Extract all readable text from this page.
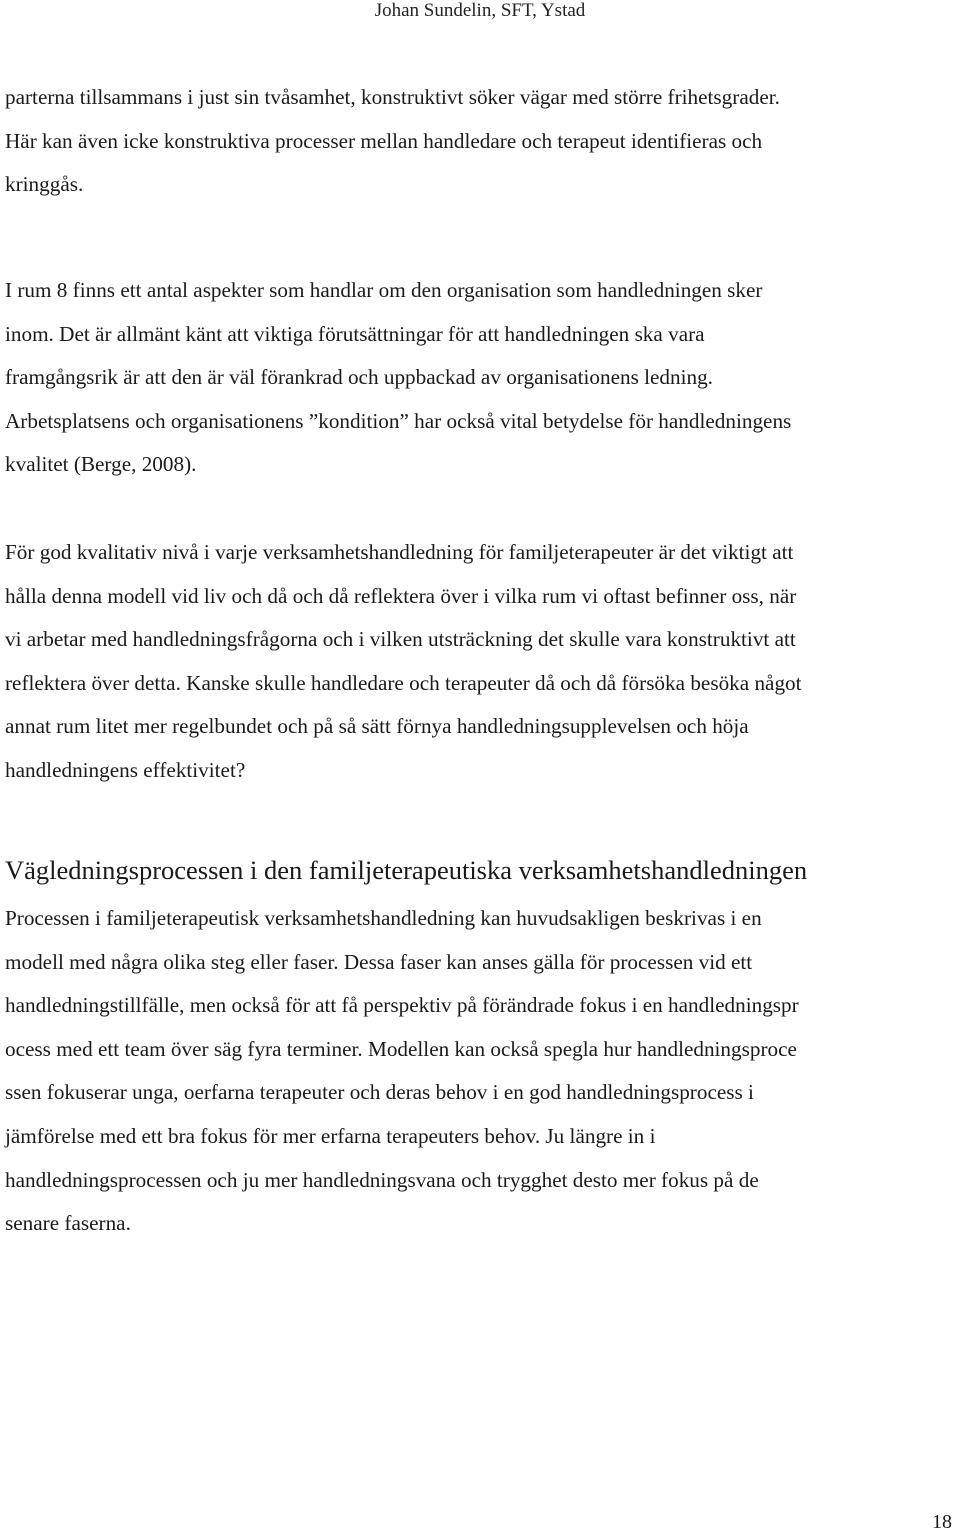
Johan Sundelin, SFT, Ystad
parterna tillsammans i just sin tvåsamhet, konstruktivt söker vägar med större frihetsgrader.
Här kan även icke konstruktiva processer mellan handledare och terapeut identifieras och
kringgås.
I rum 8 finns ett antal aspekter som handlar om den organisation som handledningen sker
inom. Det är allmänt känt att viktiga förutsättningar för att handledningen ska vara
framgångsrik är att den är väl förankrad och uppbackad av organisationens ledning.
Arbetsplatsens och organisationens ”kondition” har också vital betydelse för handledningens
kvalitet (Berge, 2008).
För god kvalitativ nivå i varje verksamhetshandledning för familjeterapeuter är det viktigt att
hålla denna modell vid liv och då och då reflektera över i vilka rum vi oftast befinner oss, när
vi arbetar med handledningsfrågorna och i vilken utsträckning det skulle vara konstruktivt att
reflektera över detta. Kanske skulle handledare och terapeuter då och då försöka besöka något
annat rum litet mer regelbundet och på så sätt förnya handledningsupplevelsen och höja
handledningens effektivitet?
Vägledningsprocessen i den familjeterapeutiska verksamhetshandledningen
Processen i familjeterapeutisk verksamhetshandledning kan huvudsakligen beskrivas i en
modell med några olika steg eller faser. Dessa faser kan anses gälla för processen vid ett
handledningstillfälle, men också för att få perspektiv på förändrade fokus i en handledningspr
ocess med ett team över säg fyra terminer. Modellen kan också spegla hur handledningsproce
ssen fokuserar unga, oerfarna terapeuter och deras behov i en god handledningsprocess i
jämförelse med ett bra fokus för mer erfarna terapeuters behov. Ju längre in i
handledningsprocessen och ju mer handledningsvana och trygghet desto mer fokus på de
senare faserna.
18
